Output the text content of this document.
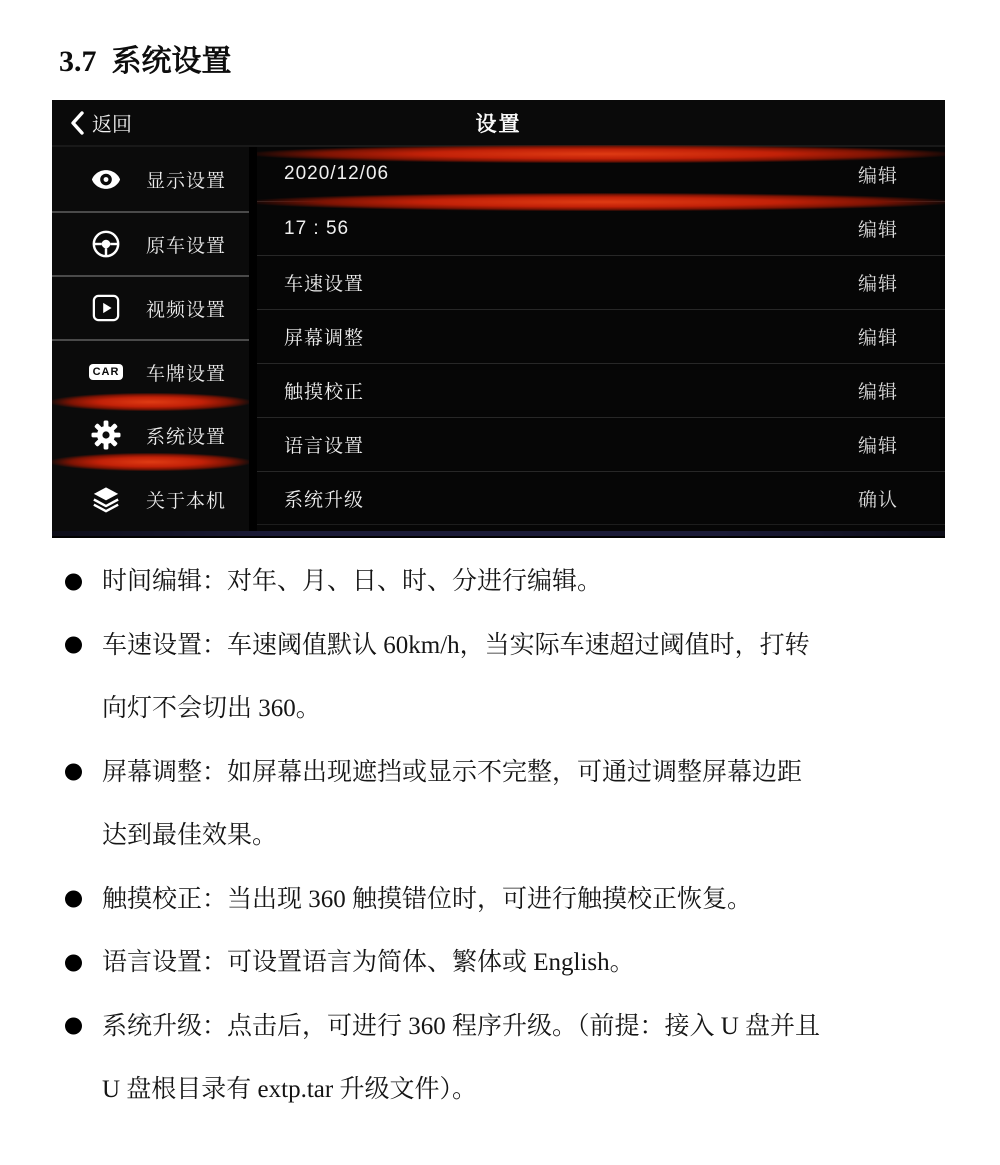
3.7 系统设置
返回	设置
显示设置
原车设置
视频设置
CAR 车牌设置
系统设置
关于本机
2020/12/06	编辑
17 : 56	编辑
车速设置	编辑
屏幕调整	编辑
触摸校正	编辑
语言设置	编辑
系统升级	确认
时间编辑：对年、月、日、时、分进行编辑。
车速设置：车速阈值默认 60km/h，当实际车速超过阈值时，打转
向灯不会切出 360。
屏幕调整：如屏幕出现遮挡或显示不完整，可通过调整屏幕边距
达到最佳效果。
触摸校正：当出现 360 触摸错位时，可进行触摸校正恢复。
语言设置：可设置语言为简体、繁体或 English。
系统升级：点击后，可进行 360 程序升级。（前提：接入 U 盘并且
U 盘根目录有 extp.tar 升级文件）。
